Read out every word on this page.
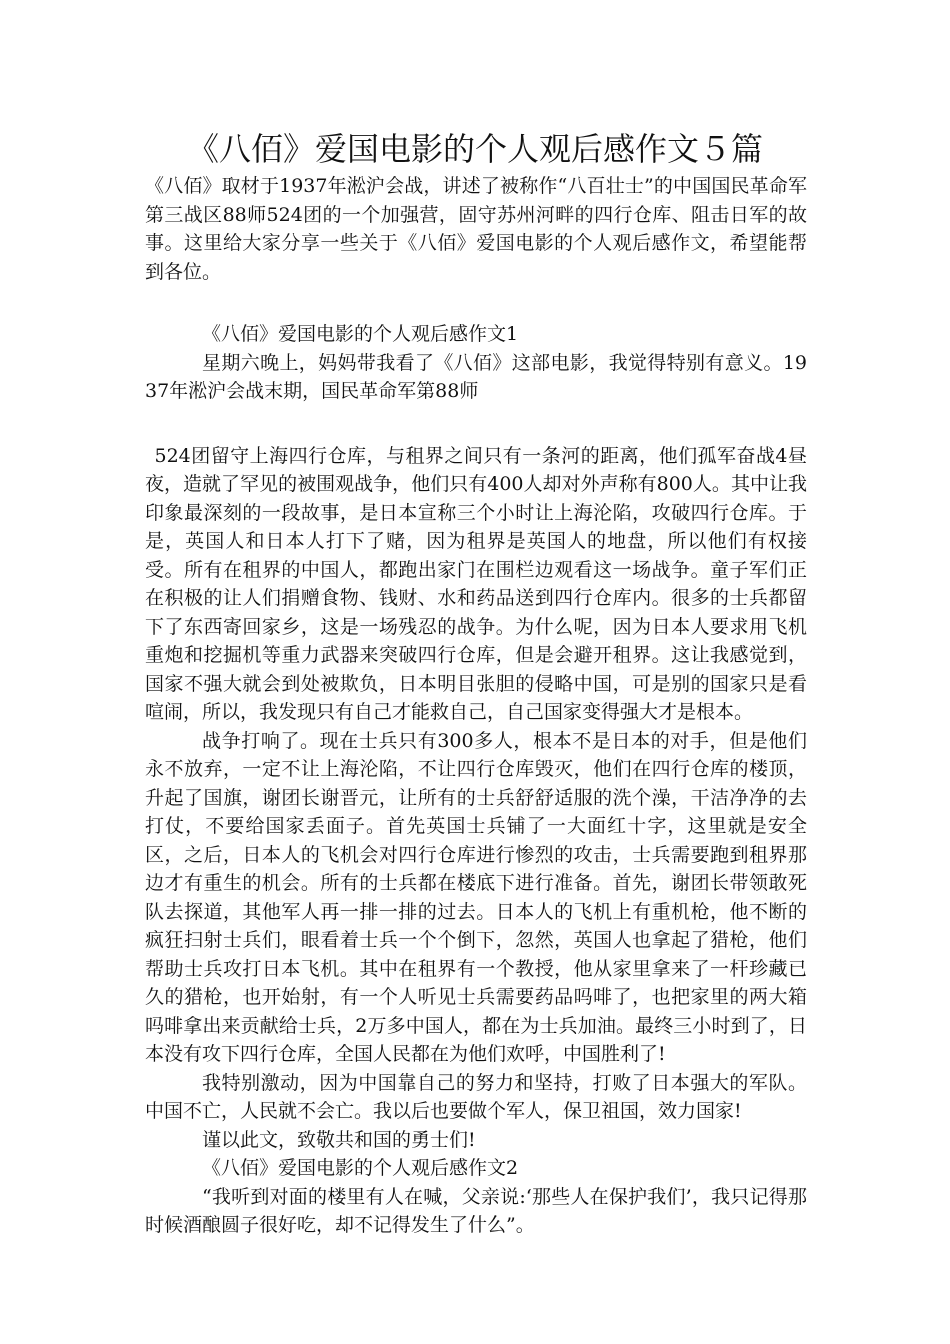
《八佰》爱国电影的个人观后感作文５篇

《八佰》取材于1937年淞沪会战，讲述了被称作“八百壮士”的中国国民革命军第三战区88师524团的一个加强营，固守苏州河畔的四行仓库、阻击日军的故事。这里给大家分享一些关于《八佰》爱国电影的个人观后感作文，希望能帮到各位。

《八佰》爱国电影的个人观后感作文1

星期六晚上，妈妈带我看了《八佰》这部电影，我觉得特别有意义。1937年淞沪会战末期，国民革命军第88师

524团留守上海四行仓库，与租界之间只有一条河的距离，他们孤军奋战4昼夜，造就了罕见的被围观战争，他们只有400人却对外声称有800人。其中让我印象最深刻的一段故事，是日本宣称三个小时让上海沦陷，攻破四行仓库。于是，英国人和日本人打下了赌，因为租界是英国人的地盘，所以他们有权接受。所有在租界的中国人，都跑出家门在围栏边观看这一场战争。童子军们正在积极的让人们捐赠食物、钱财、水和药品送到四行仓库内。很多的士兵都留下了东西寄回家乡，这是一场残忍的战争。为什么呢，因为日本人要求用飞机重炮和挖掘机等重力武器来突破四行仓库，但是会避开租界。这让我感觉到，国家不强大就会到处被欺负，日本明目张胆的侵略中国，可是别的国家只是看喧闹，所以，我发现只有自己才能救自己，自己国家变得强大才是根本。

战争打响了。现在士兵只有300多人，根本不是日本的对手，但是他们永不放弃，一定不让上海沦陷，不让四行仓库毁灭，他们在四行仓库的楼顶，升起了国旗，谢团长谢晋元，让所有的士兵舒舒适服的洗个澡，干洁净净的去打仗，不要给国家丢面子。首先英国士兵铺了一大面红十字，这里就是安全区，之后，日本人的飞机会对四行仓库进行惨烈的攻击，士兵需要跑到租界那边才有重生的机会。所有的士兵都在楼底下进行准备。首先，谢团长带领敢死队去探道，其他军人再一排一排的过去。日本人的飞机上有重机枪，他不断的疯狂扫射士兵们，眼看着士兵一个个倒下，忽然，英国人也拿起了猎枪，他们帮助士兵攻打日本飞机。其中在租界有一个教授，他从家里拿来了一杆珍藏已久的猎枪，也开始射，有一个人听见士兵需要药品吗啡了，也把家里的两大箱吗啡拿出来贡献给士兵，2万多中国人，都在为士兵加油。最终三小时到了，日本没有攻下四行仓库，全国人民都在为他们欢呼，中国胜利了!

我特别激动，因为中国靠自己的努力和坚持，打败了日本强大的军队。中国不亡，人民就不会亡。我以后也要做个军人，保卫祖国，效力国家!

谨以此文，致敬共和国的勇士们!

《八佰》爱国电影的个人观后感作文2

“我听到对面的楼里有人在喊，父亲说:‘那些人在保护我们’，我只记得那时候酒酿圆子很好吃，却不记得发生了什么”。
